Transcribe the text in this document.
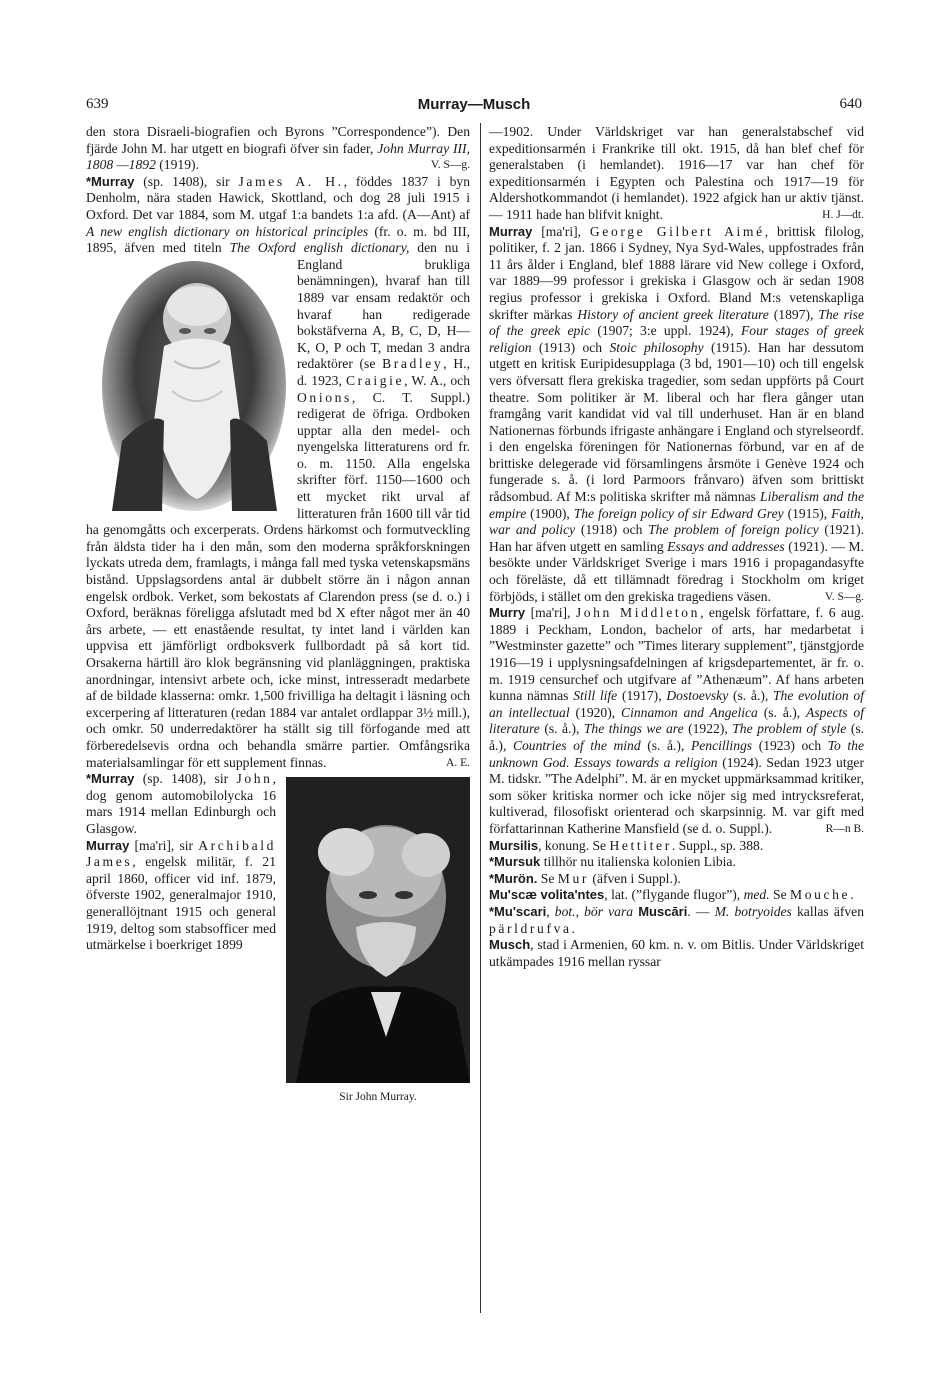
639	Murray—Musch	640

den stora Disraeli-biografien och Byrons ”Correspondence”). Den fjärde John M. har utgett en biografi öfver sin fader, John Murray III, 1808 —1892 (1919).	V. S—g.

*Murray (sp. 1408), sir James A. H., föddes 1837 i byn Denholm, nära staden Hawick, Skottland, och dog 28 juli 1915 i Oxford. Det var 1884, som M. utgaf 1:a bandets 1:a afd. (A—Ant) af A new english dictionary on historical principles (fr. o. m. bd III, 1895, äfven med titeln The Oxford english dictionary, den nu i England brukliga benämningen), hvaraf han till 1889 var ensam redaktör och hvaraf han redigerade bokstäfverna A, B, C, D, H—K, O, P och T, medan 3 andra redaktörer (se Bradley, H., d. 1923, Craigie, W. A., och Onions, C. T. Suppl.) redigerat de öfriga. Ordboken upptar alla den medel- och nyengelska litteraturens ord fr. o. m. 1150. Alla engelska skrifter förf. 1150—1600 och ett mycket rikt urval af litteraturen från 1600 till vår tid ha genomgåtts och excerperats. Ordens härkomst och formutveckling från äldsta tider ha i den mån, som den moderna språkforskningen lyckats utreda dem, framlagts, i många fall med tyska vetenskapsmäns bistånd. Uppslagsordens antal är dubbelt större än i någon annan engelsk ordbok. Verket, som bekostats af Clarendon press (se d. o.) i Oxford, beräknas föreligga afslutadt med bd X efter något mer än 40 års arbete, — ett enastående resultat, ty intet land i världen kan uppvisa ett jämförligt ordboksverk fullbordadt på så kort tid. Orsakerna härtill äro klok begränsning vid planläggningen, praktiska anordningar, intensivt arbete och, icke minst, intresseradt medarbete af de bildade klasserna: omkr. 1,500 frivilliga ha deltagit i läsning och excerpering af litteraturen (redan 1884 var antalet ordlappar 3½ mill.), och omkr. 50 underredaktörer ha ställt sig till förfogande med att förberedelsevis ordna och behandla smärre partier. Omfångsrika materialsamlingar för ett supplement finnas.	A. E.

Sir John Murray.

*Murray (sp. 1408), sir John, dog genom automobilolycka 16 mars 1914 mellan Edinburgh och Glasgow.

Murray [ma'ri], sir Archibald James, engelsk militär, f. 21 april 1860, officer vid inf. 1879, öfverste 1902, generalmajor 1910, generallöjtnant 1915 och general 1919, deltog som stabsofficer med utmärkelse i boerkriget 1899

—1902. Under Världskriget var han generalstabschef vid expeditionsarmén i Frankrike till okt. 1915, då han blef chef för generalstaben (i hemlandet). 1916—17 var han chef för expeditionsarmén i Egypten och Palestina och 1917—19 för Aldershotkommandot (i hemlandet). 1922 afgick han ur aktiv tjänst. — 1911 hade han blifvit knight.	H. J—dt.

Murray [ma'ri], George Gilbert Aimé, brittisk filolog, politiker, f. 2 jan. 1866 i Sydney, Nya Syd-Wales, uppfostrades från 11 års ålder i England, blef 1888 lärare vid New college i Oxford, var 1889—99 professor i grekiska i Glasgow och är sedan 1908 regius professor i grekiska i Oxford. Bland M:s vetenskapliga skrifter märkas History of ancient greek literature (1897), The rise of the greek epic (1907; 3:e uppl. 1924), Four stages of greek religion (1913) och Stoic philosophy (1915). Han har dessutom utgett en kritisk Euripidesupplaga (3 bd, 1901—10) och till engelsk vers öfversatt flera grekiska tragedier, som sedan uppförts på Court theatre. Som politiker är M. liberal och har flera gånger utan framgång varit kandidat vid val till underhuset. Han är en bland Nationernas förbunds ifrigaste anhängare i England och styrelseordf. i den engelska föreningen för Nationernas förbund, var en af de brittiske delegerade vid församlingens årsmöte i Genève 1924 och fungerade s. å. (i lord Parmoors frånvaro) äfven som brittiskt rådsombud. Af M:s politiska skrifter må nämnas Liberalism and the empire (1900), The foreign policy of sir Edward Grey (1915), Faith, war and policy (1918) och The problem of foreign policy (1921). Han har äfven utgett en samling Essays and addresses (1921). — M. besökte under Världskriget Sverige i mars 1916 i propagandasyfte och föreläste, då ett tillämnadt föredrag i Stockholm om kriget förbjöds, i stället om den grekiska tragediens väsen.	V. S—g.

Murry [ma'ri], John Middleton, engelsk författare, f. 6 aug. 1889 i Peckham, London, bachelor of arts, har medarbetat i ”Westminster gazette” och ”Times literary supplement”, tjänstgjorde 1916—19 i upplysningsafdelningen af krigsdepartementet, är fr. o. m. 1919 censurchef och utgifvare af ”Athenæum”. Af hans arbeten kunna nämnas Still life (1917), Dostoevsky (s. å.), The evolution of an intellectual (1920), Cinnamon and Angelica (s. å.), Aspects of literature (s. å.), The things we are (1922), The problem of style (s. å.), Countries of the mind (s. å.), Pencillings (1923) och To the unknown God. Essays towards a religion (1924). Sedan 1923 utger M. tidskr. ”The Adelphi”. M. är en mycket uppmärksammad kritiker, som söker kritiska normer och icke nöjer sig med intrycksreferat, kultiverad, filosofiskt orienterad och skarpsinnig. M. var gift med författarinnan Katherine Mansfield (se d. o. Suppl.).	R—n B.

Mursilis, konung. Se Hettiter. Suppl., sp. 388.

*Mursuk tillhör nu italienska kolonien Libia.

*Murön. Se Mur (äfven i Suppl.).

Mu'scæ volita'ntes, lat. (”flygande flugor”), med. Se Mouche.

*Mu'scari, bot., bör vara Muscāri. — M. botryoides kallas äfven pärldrufva.

Musch, stad i Armenien, 60 km. n. v. om Bitlis. Under Världskriget utkämpades 1916 mellan ryssar
